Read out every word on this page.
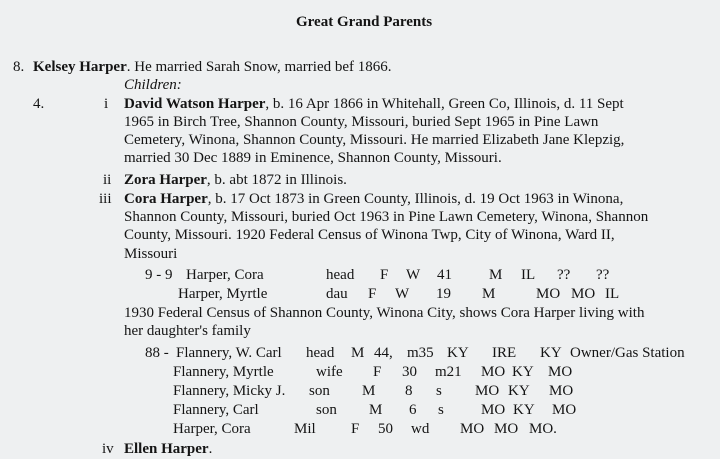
Great Grand Parents
8. Kelsey Harper. He married Sarah Snow, married bef 1866.
Children:
4.	i David Watson Harper, b. 16 Apr 1866 in Whitehall, Green Co, Illinois, d. 11 Sept
1965 in Birch Tree, Shannon County, Missouri, buried Sept 1965 in Pine Lawn
Cemetery, Winona, Shannon County, Missouri. He married Elizabeth Jane Klepzig,
married 30 Dec 1889 in Eminence, Shannon County, Missouri.
ii Zora Harper, b. abt 1872 in Illinois.
iii Cora Harper, b. 17 Oct 1873 in Green County, Illinois, d. 19 Oct 1963 in Winona,
Shannon County, Missouri, buried Oct 1963 in Pine Lawn Cemetery, Winona, Shannon
County, Missouri. 1920 Federal Census of Winona Twp, City of Winona, Ward II,
Missouri
9 - 9 Harper, Cora	head F W 41 M IL ?? ??
Harper, Myrtle	dau F W 19 M	MO MO IL
1930 Federal Census of Shannon County, Winona City, shows Cora Harper living with
her daughter's family
88 - Flannery, W. Carl head M 44, m35 KY IRE KY Owner/Gas Station
Flannery, Myrtle	wife F 30 m21 MO KY MO
Flannery, Micky J. son M 8 s MO KY MO
Flannery, Carl	son M 6 s MO KY MO
Harper, Cora	Mil F 50 wd MO MO MO.
iv Ellen Harper.
